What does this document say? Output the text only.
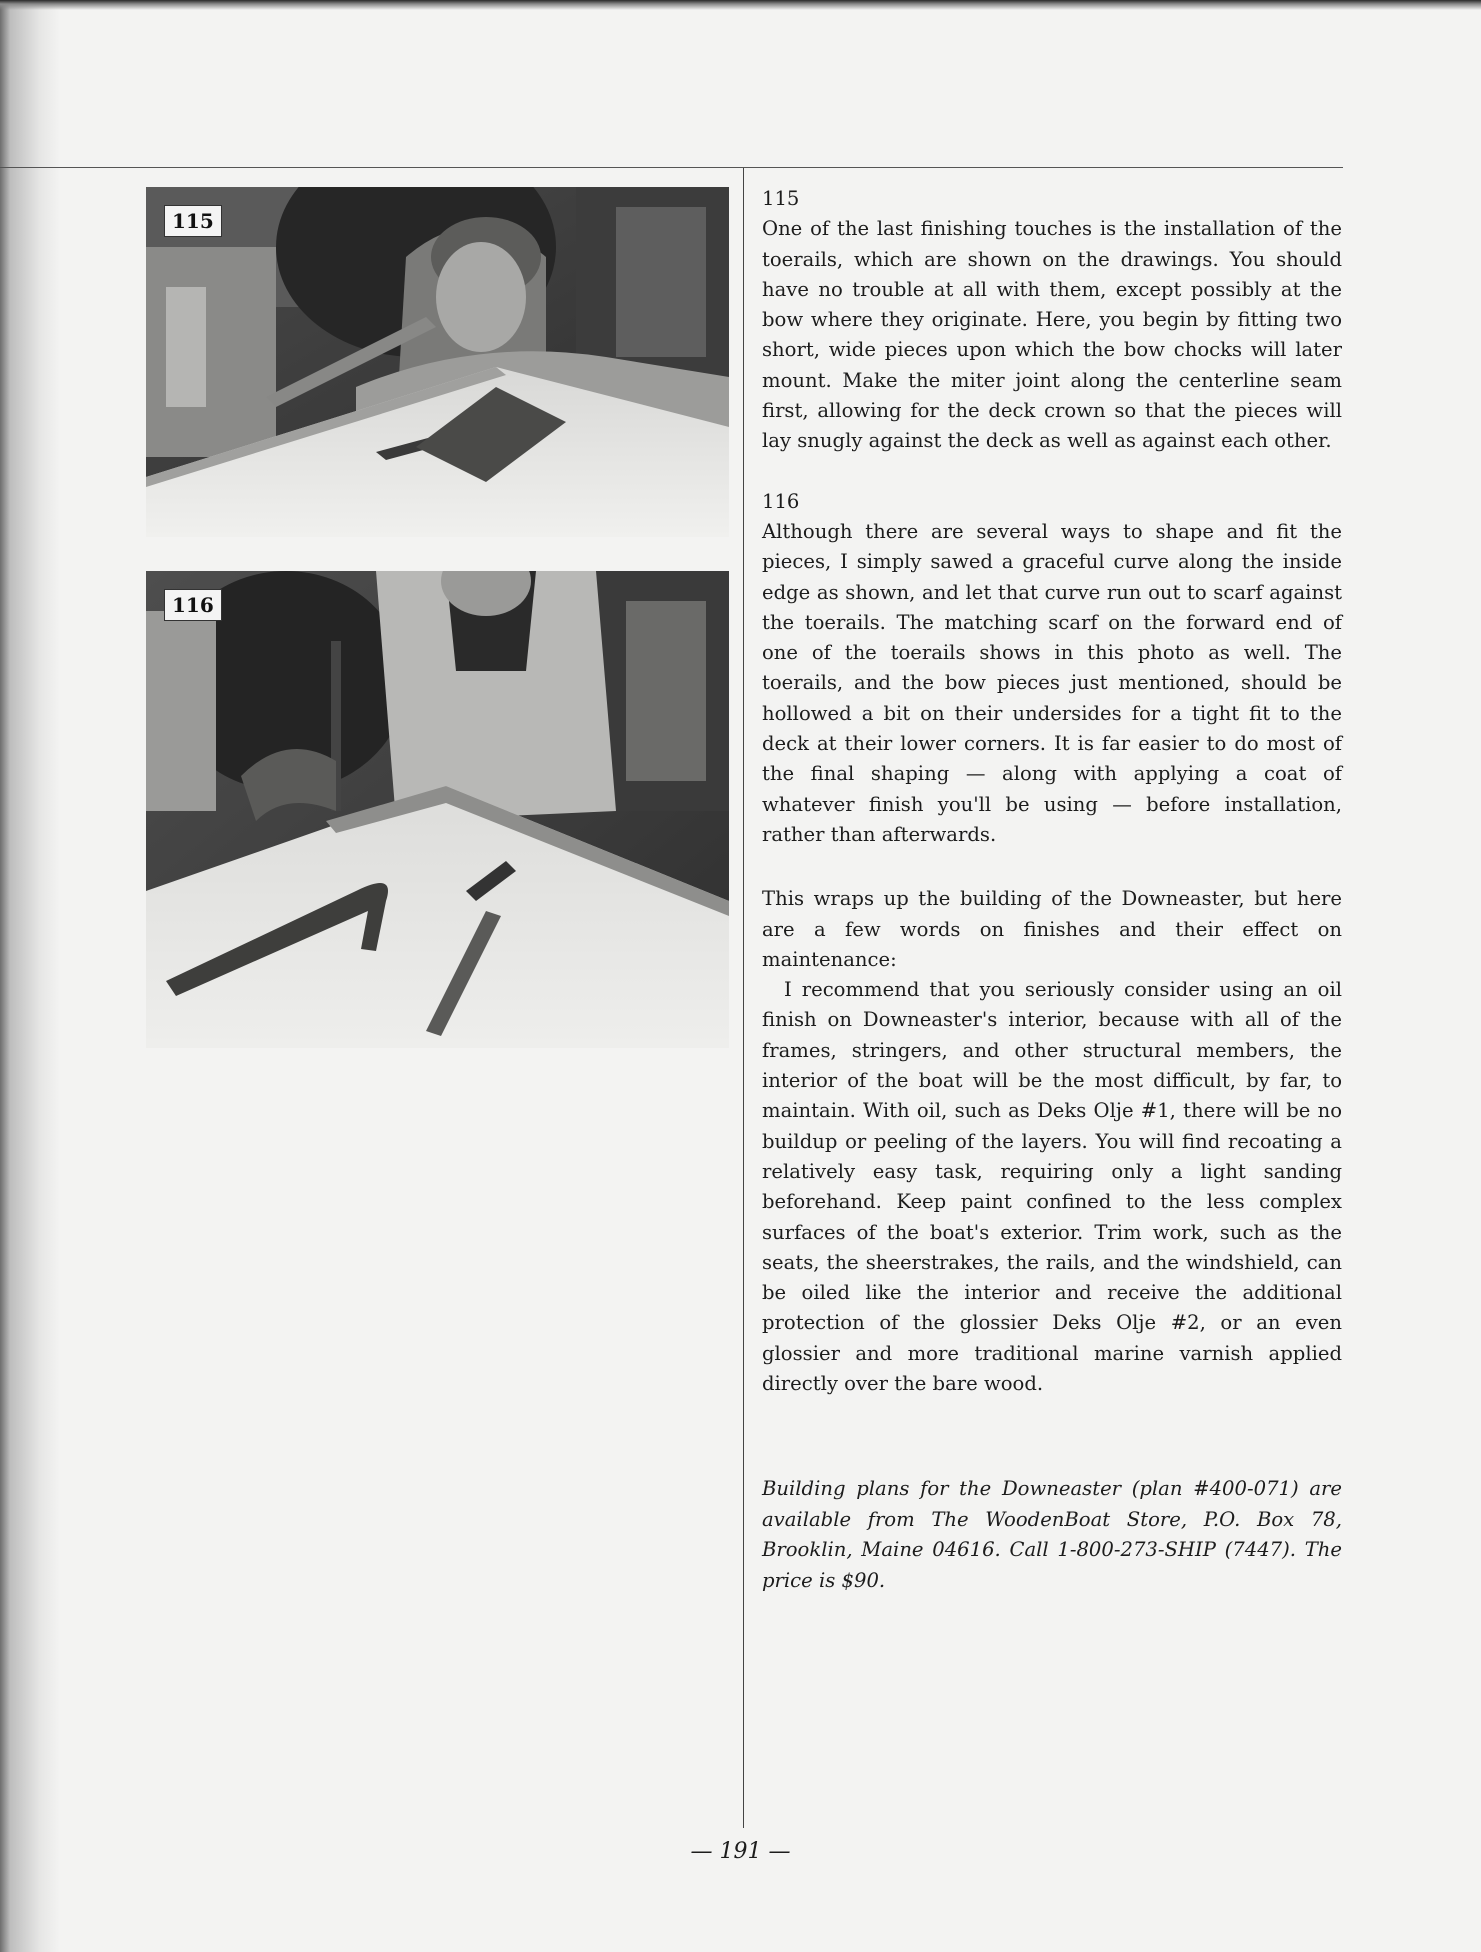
115
116

115

One of the last finishing touches is the installation of the toerails, which are shown on the drawings. You should have no trouble at all with them, except possibly at the bow where they originate. Here, you begin by fitting two short, wide pieces upon which the bow chocks will later mount. Make the miter joint along the centerline seam first, allowing for the deck crown so that the pieces will lay snugly against the deck as well as against each other.

116

Although there are several ways to shape and fit the pieces, I simply sawed a graceful curve along the inside edge as shown, and let that curve run out to scarf against the toerails. The matching scarf on the forward end of one of the toerails shows in this photo as well. The toerails, and the bow pieces just mentioned, should be hollowed a bit on their undersides for a tight fit to the deck at their lower corners. It is far easier to do most of the final shaping — along with applying a coat of whatever finish you'll be using — before installation, rather than afterwards.

This wraps up the building of the Downeaster, but here are a few words on finishes and their effect on maintenance:

I recommend that you seriously consider using an oil finish on Downeaster's interior, because with all of the frames, stringers, and other structural members, the interior of the boat will be the most difficult, by far, to maintain. With oil, such as Deks Olje #1, there will be no buildup or peeling of the layers. You will find recoating a relatively easy task, requiring only a light sanding beforehand. Keep paint confined to the less complex surfaces of the boat's exterior. Trim work, such as the seats, the sheerstrakes, the rails, and the windshield, can be oiled like the interior and receive the additional protection of the glossier Deks Olje #2, or an even glossier and more traditional marine varnish applied directly over the bare wood.

Building plans for the Downeaster (plan #400-071) are available from The WoodenBoat Store, P.O. Box 78, Brooklin, Maine 04616. Call 1-800-273-SHIP (7447). The price is $90.
— 191 —
